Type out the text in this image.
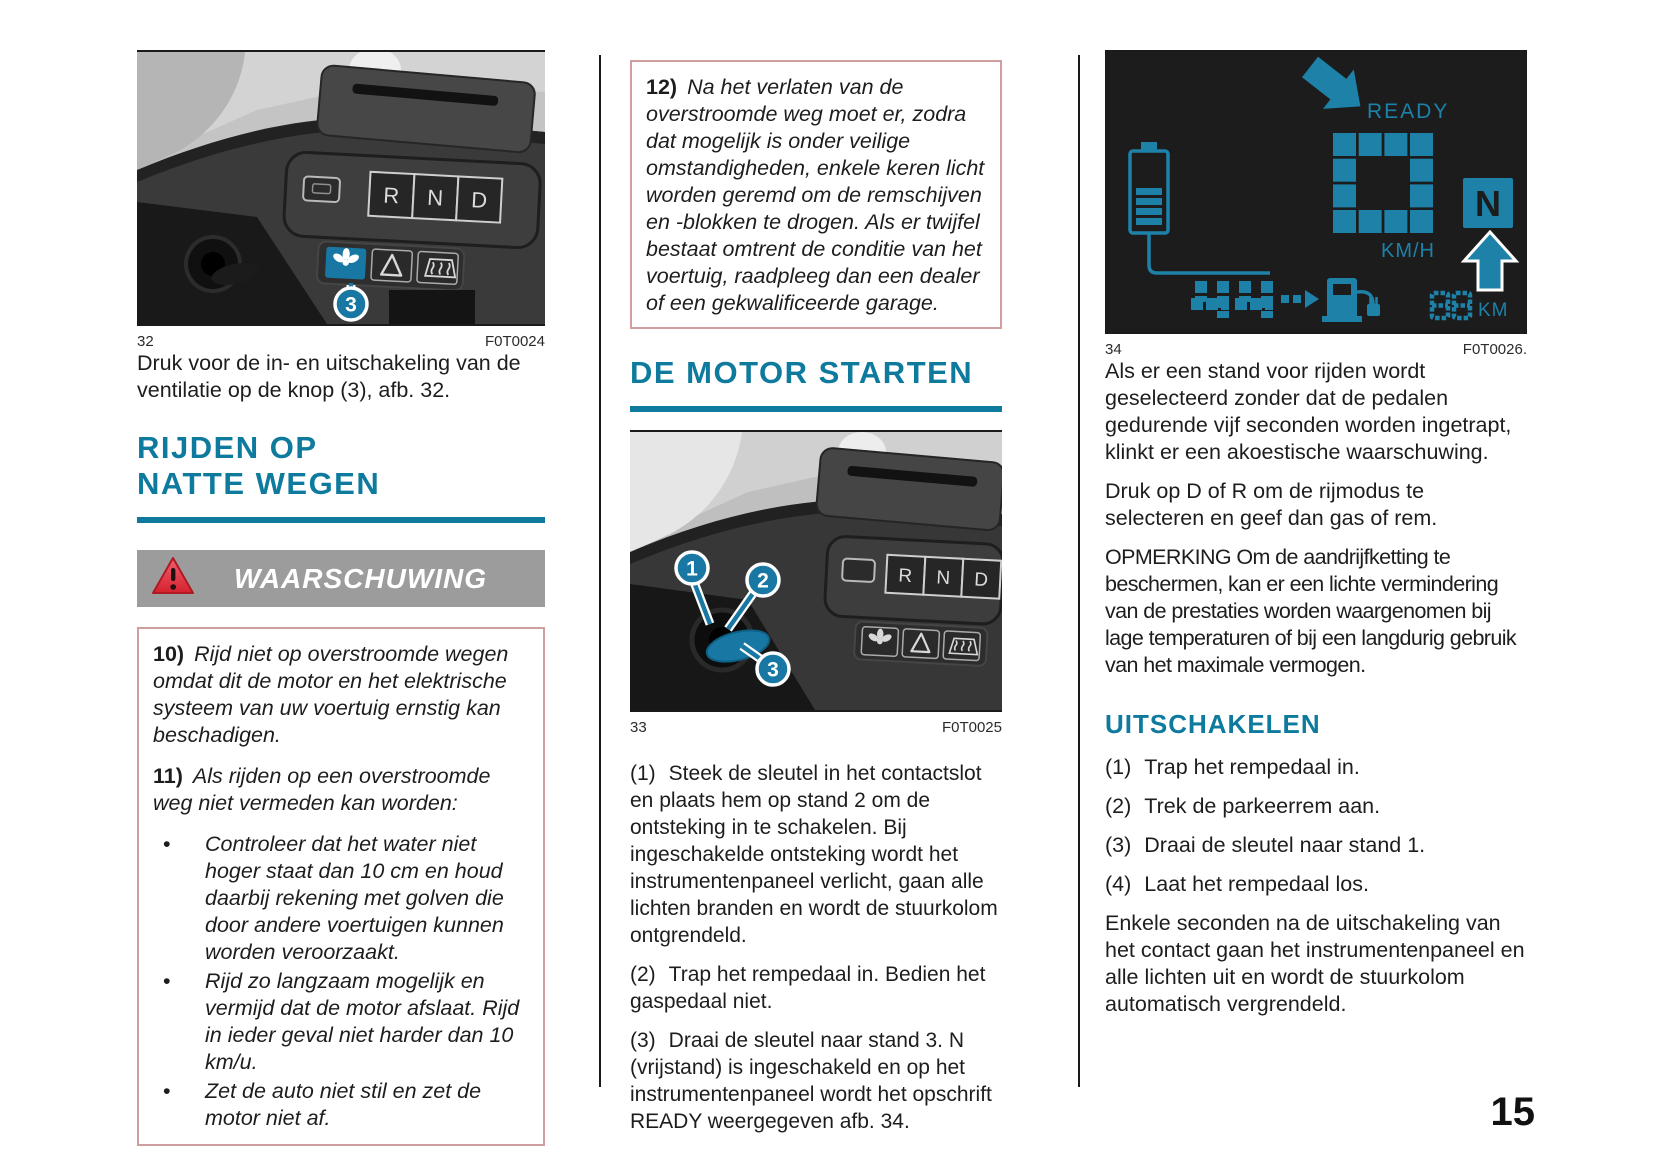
R N D
3
32	F0T0024

Druk voor de in- en uitschakeling van de ventilatie op de knop (3), afb. 32.

RIJDEN OP
NATTE WEGEN
WAARSCHUWING

10) Rijd niet op overstroomde wegen omdat dit de motor en het elektrische systeem van uw voertuig ernstig kan beschadigen.

11) Als rijden op een overstroomde weg niet vermeden kan worden:

•	Controleer dat het water niet hoger staat dan 10 cm en houd daarbij rekening met golven die door andere voertuigen kunnen worden veroorzaakt.
•	Rijd zo langzaam mogelijk en vermijd dat de motor afslaat. Rijd in ieder geval niet harder dan 10 km/u.
•	Zet de auto niet stil en zet de motor niet af.

12) Na het verlaten van de overstroomde weg moet er, zodra dat mogelijk is onder veilige omstandigheden, enkele keren licht worden geremd om de remschijven en -blokken te drogen. Als er twijfel bestaat omtrent de conditie van het voertuig, raadpleeg dan een dealer of een gekwalificeerde garage.

DE MOTOR STARTEN
R N D
1
2
3
33	F0T0025

(1) Steek de sleutel in het contactslot en plaats hem op stand 2 om de ontsteking in te schakelen. Bij ingeschakelde ontsteking wordt het instrumentenpaneel verlicht, gaan alle lichten branden en wordt de stuurkolom ontgrendeld.

(2) Trap het rempedaal in. Bedien het gaspedaal niet.

(3) Draai de sleutel naar stand 3. N (vrijstand) is ingeschakeld en op het instrumentenpaneel wordt het opschrift READY weergegeven afb. 34.

READY
KM/H
N
KM
34	F0T0026.

Als er een stand voor rijden wordt geselecteerd zonder dat de pedalen gedurende vijf seconden worden ingetrapt, klinkt er een akoestische waarschuwing.

Druk op D of R om de rijmodus te selecteren en geef dan gas of rem.

OPMERKING Om de aandrijfketting te beschermen, kan er een lichte vermindering van de prestaties worden waargenomen bij lage temperaturen of bij een langdurig gebruik van het maximale vermogen.

UITSCHAKELEN

(1) Trap het rempedaal in.

(2) Trek de parkeerrem aan.

(3) Draai de sleutel naar stand 1.

(4) Laat het rempedaal los.

Enkele seconden na de uitschakeling van het contact gaan het instrumentenpaneel en alle lichten uit en wordt de stuurkolom automatisch vergrendeld.

15
